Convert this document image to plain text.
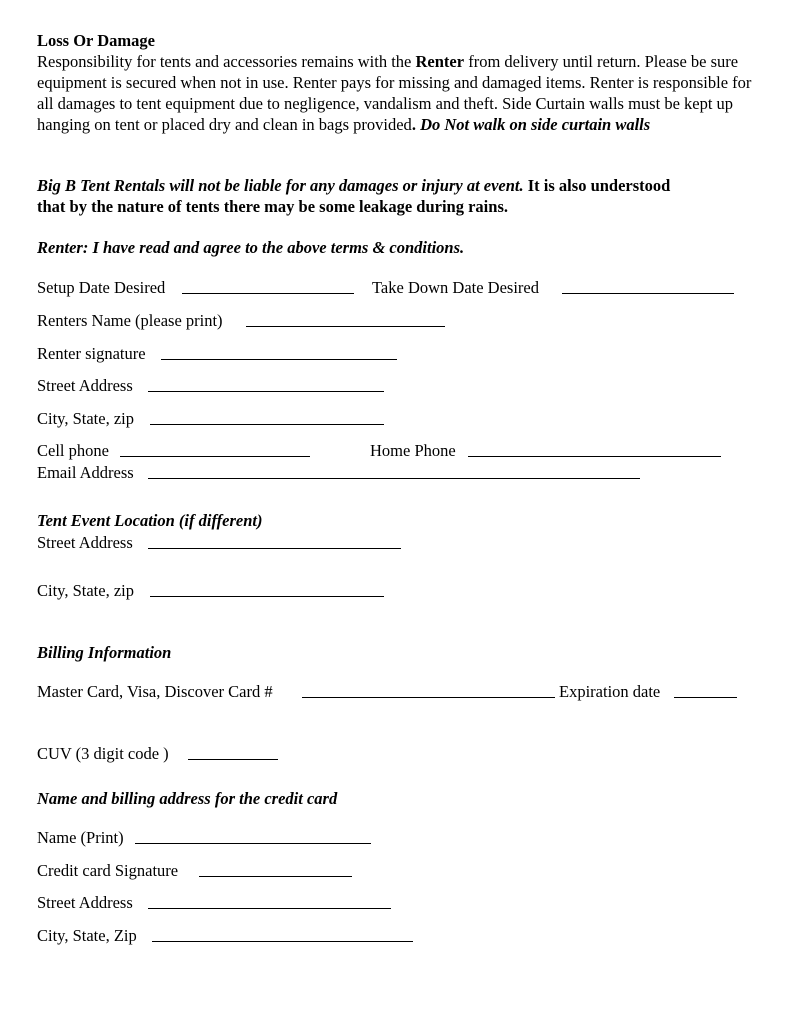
Loss Or Damage
Responsibility for tents and accessories remains with the Renter from delivery until return. Please be sure equipment is secured when not in use. Renter pays for missing and damaged items. Renter is responsible for all damages to tent equipment due to negligence, vandalism and theft. Side Curtain walls must be kept up hanging on tent or placed dry and clean in bags provided. Do Not walk on side curtain walls
Big B Tent Rentals will not be liable for any damages or injury at event. It is also understood
that by the nature of tents there may be some leakage during rains.
Renter: I have read and agree to the above terms & conditions.
Setup Date Desired	Take Down Date Desired
Renters Name (please print)
Renter signature
Street Address
City, State, zip
Cell phone	Home Phone
Email Address
Tent Event Location (if different)
Street Address
City, State, zip
Billing Information
Master Card, Visa, Discover Card #	Expiration date
CUV (3 digit code )
Name and billing address for the credit card
Name (Print)
Credit card Signature
Street Address
City, State, Zip
